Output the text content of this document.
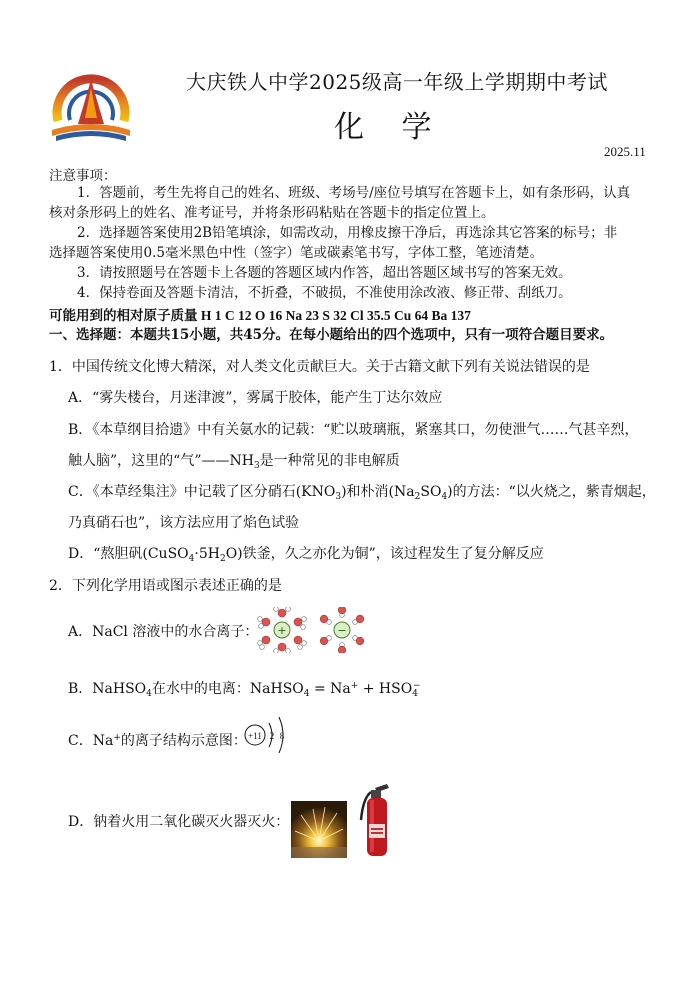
大庆铁人中学2025级高一年级上学期期中考试
化 学
2025.11
注意事项：
1．答题前，考生先将自己的姓名、班级、考场号/座位号填写在答题卡上，如有条形码，认真
核对条形码上的姓名、准考证号，并将条形码粘贴在答题卡的指定位置上。
2．选择题答案使用2B铅笔填涂，如需改动，用橡皮擦干净后，再选涂其它答案的标号；非
选择题答案使用0.5毫米黑色中性（签字）笔或碳素笔书写，字体工整，笔迹清楚。
3．请按照题号在答题卡上各题的答题区域内作答，超出答题区域书写的答案无效。
4．保持卷面及答题卡清洁，不折叠，不破损，不准使用涂改液、修正带、刮纸刀。
可能用到的相对原子质量 H 1 C 12 O 16 Na 23 S 32 Cl 35.5 Cu 64 Ba 137
一、选择题：本题共15小题，共45分。在每小题给出的四个选项中，只有一项符合题目要求。
1．中国传统文化博大精深，对人类文化贡献巨大。关于古籍文献下列有关说法错误的是
A．“雾失楼台，月迷津渡”，雾属于胶体，能产生丁达尔效应
B．《本草纲目拾遗》中有关氨水的记载：“贮以玻璃瓶，紧塞其口，勿使泄气……气甚辛烈，
触人脑”，这里的“气$”——NH_3$是一种常见的非电解质
C．《本草经集注》中记载了区分硝石$(KNO_3)$和朴消$(Na_2SO_4)$的方法：“以火烧之，紫青烟起，
乃真硝石也”，该方法应用了焰色试验
D．“熬胆矾$(CuSO_4\cdot 5H_2O)$铁釜，久之亦化为铜”，该过程发生了复分解反应
2．下列化学用语或图示表述正确的是
A．NaCl 溶液中的水合离子： +	−
B．NaHSO$_4$在水中的电离：NaHSO$_4$ = $Na^+ + HSO_4^-$
C．Na+的离子结构示意图： +11 2 8
D．钠着火用二氧化碳灭火器灭火：
